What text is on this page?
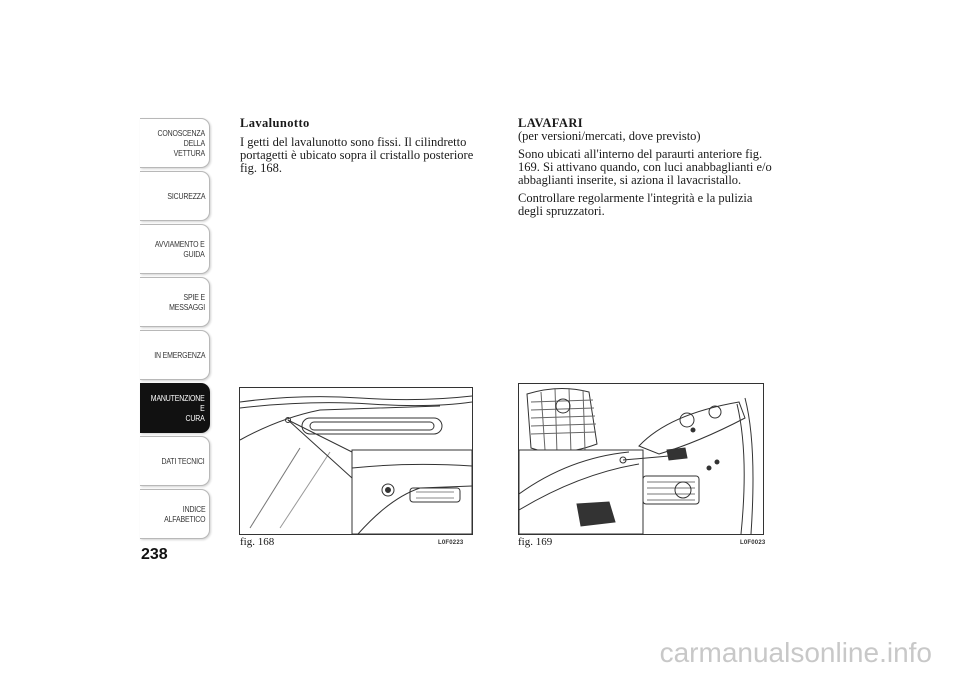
CONOSCENZA
DELLA VETTURA
SICUREZZA
AVVIAMENTO E
GUIDA
SPIE E MESSAGGI
IN EMERGENZA
MANUTENZIONE E
CURA
DATI TECNICI
INDICE
ALFABETICO
238

Lavalunotto

I getti del lavalunotto sono fissi. Il cilindretto portagetti è ubicato sopra il cristallo posteriore fig. 168.

LAVAFARI

(per versioni/mercati, dove previsto)

Sono ubicati all'interno del paraurti anteriore fig. 169. Si attivano quando, con luci anabbaglianti e/o abbaglianti inserite, si aziona il lavacristallo.

Controllare regolarmente l'integrità e la pulizia degli spruzzatori.

fig. 168	L0F0223	fig. 169	L0F0023
carmanualsonline.info
